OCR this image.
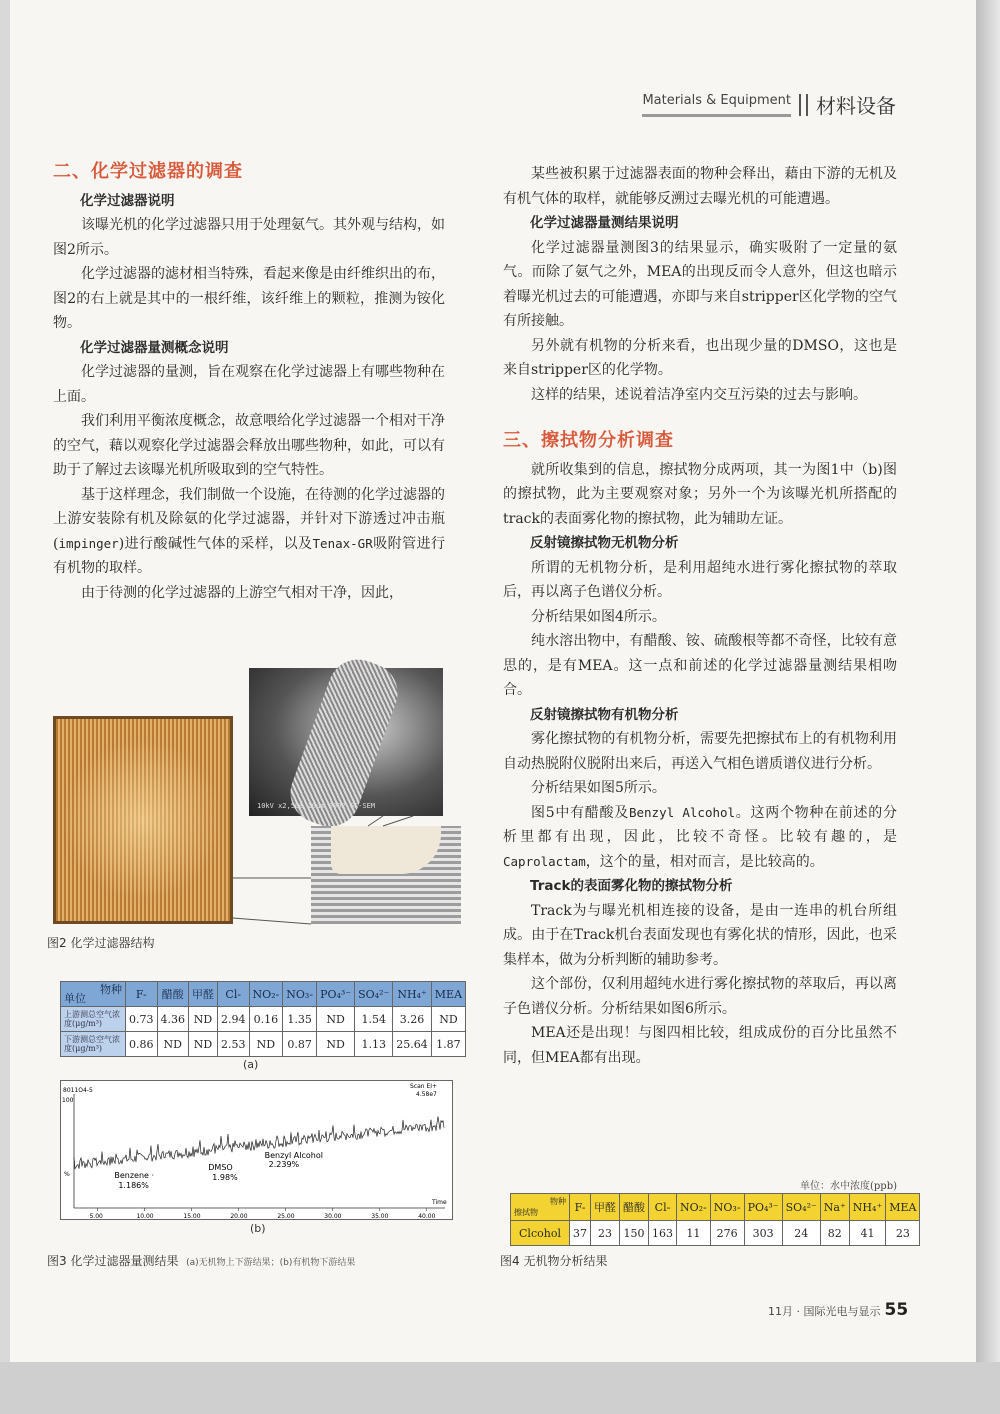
Materials & Equipment 材料设备
二、化学过滤器的调查
化学过滤器说明

该曝光机的化学过滤器只用于处理氨气。其外观与结构，如图2所示。

化学过滤器的滤材相当特殊，看起来像是由纤维织出的布，图2的右上就是其中的一根纤维，该纤维上的颗粒，推测为铵化物。

化学过滤器量测概念说明

化学过滤器的量测，旨在观察在化学过滤器上有哪些物种在上面。

我们利用平衡浓度概念，故意喂给化学过滤器一个相对干净的空气，藉以观察化学过滤器会释放出哪些物种，如此，可以有助于了解过去该曝光机所吸取到的空气特性。

基于这样理念，我们制做一个设施，在待测的化学过滤器的上游安装除有机及除氨的化学过滤器，并针对下游透过冲击瓶(impinger)进行酸碱性气体的采样，以及Tenax-GR吸附管进行有机物的取样。

由于待测的化学过滤器的上游空气相对干净，因此，

10kV x2,500 10μm 0002 GC-SEM
图2 化学过滤器结构
物种
单位	F-	醋酸	甲醛	Cl-	NO₂-	NO₃-	PO₄³⁻	SO₄²⁻	NH₄⁺	MEA
上游测总空气浓度(μg/m³)	0.73	4.36	ND	2.94	0.16	1.35	ND	1.54	3.26	ND
下游测总空气浓度(μg/m³)	0.86	ND	ND	2.53	ND	0.87	ND	1.13	25.64	1.87
(a)
8011O4-5
Scan EI+
4.58e7
100
%
Time
5.00	10.00	15.00	20.00	25.00	30.00	35.00	40.00
Benzene ·
1.186%
DMSO
1.98%
Benzyl Alcohol
2.239%
(b)
图3 化学过滤器量测结果 (a)无机物上下游结果；(b)有机物下游结果

某些被积累于过滤器表面的物种会释出，藉由下游的无机及有机气体的取样，就能够反溯过去曝光机的可能遭遇。

化学过滤器量测结果说明

化学过滤器量测图3的结果显示，确实吸附了一定量的氨气。而除了氨气之外，MEA的出现反而令人意外，但这也暗示着曝光机过去的可能遭遇，亦即与来自stripper区化学物的空气有所接触。

另外就有机物的分析来看，也出现少量的DMSO，这也是来自stripper区的化学物。

这样的结果，述说着洁净室内交互污染的过去与影响。

三、擦拭物分析调查

就所收集到的信息，擦拭物分成两项，其一为图1中（b)图的擦拭物，此为主要观察对象；另外一个为该曝光机所搭配的track的表面雾化物的擦拭物，此为辅助左证。

反射镜擦拭物无机物分析

所谓的无机物分析，是利用超纯水进行雾化擦拭物的萃取后，再以离子色谱仪分析。

分析结果如图4所示。

纯水溶出物中，有醋酸、铵、硫酸根等都不奇怪，比较有意思的，是有MEA。这一点和前述的化学过滤器量测结果相吻合。

反射镜擦拭物有机物分析

雾化擦拭物的有机物分析，需要先把擦拭布上的有机物利用自动热脱附仪脱附出来后，再送入气相色谱质谱仪进行分析。

分析结果如图5所示。

图5中有醋酸及Benzyl Alcohol。这两个物种在前述的分析里都有出现，因此，比较不奇怪。比较有趣的，是Caprolactam，这个的量，相对而言，是比较高的。

Track的表面雾化物的擦拭物分析

Track为与曝光机相连接的设备，是由一连串的机台所组成。由于在Track机台表面发现也有雾化状的情形，因此，也采集样本，做为分析判断的辅助参考。

这个部份，仅利用超纯水进行雾化擦拭物的萃取后，再以离子色谱仪分析。分析结果如图6所示。

MEA还是出现！与图四相比较，组成成份的百分比虽然不同，但MEA都有出现。

单位：水中浓度(ppb)
物种
擦拭物	F-	甲醛	醋酸	Cl-	NO₂-	NO₃-	PO₄³⁻	SO₄²⁻	Na⁺	NH₄⁺	MEA
Clcohol	37	23	150	163	11	276	303	24	82	41	23
图4 无机物分析结果
11月 · 国际光电与显示 55
